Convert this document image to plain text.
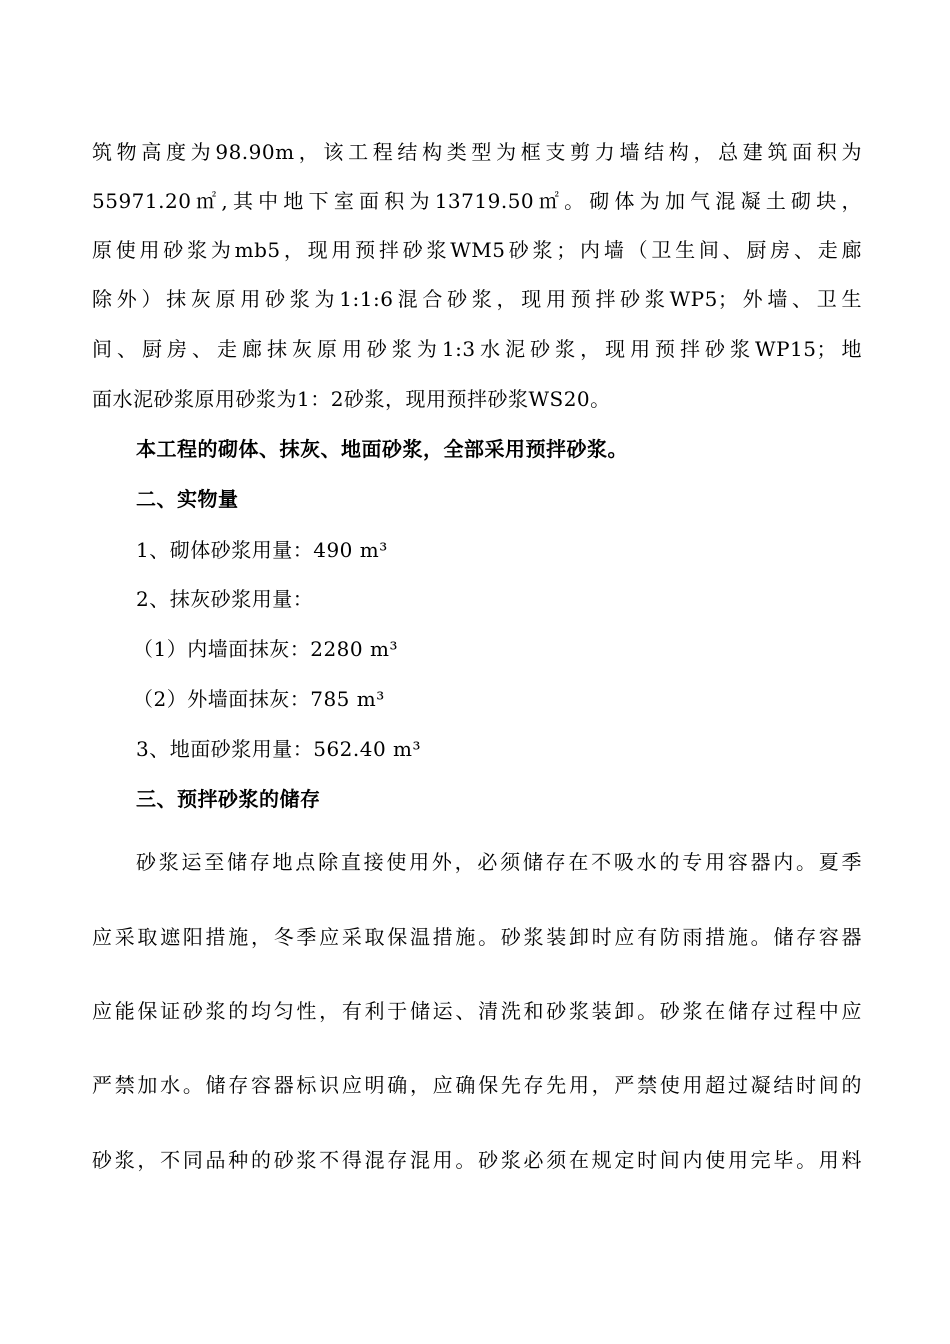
筑物高度为98.90m，该工程结构类型为框支剪力墙结构，总建筑面积为
55971.20㎡,其中地下室面积为13719.50㎡。砌体为加气混凝土砌块，
原使用砂浆为mb5，现用预拌砂浆WM5砂浆；内墙（卫生间、厨房、走廊
除外）抹灰原用砂浆为1:1:6混合砂浆，现用预拌砂浆WP5；外墙、卫生
间、厨房、走廊抹灰原用砂浆为1:3水泥砂浆，现用预拌砂浆WP15；地
面水泥砂浆原用砂浆为1：2砂浆，现用预拌砂浆WS20。
本工程的砌体、抹灰、地面砂浆，全部采用预拌砂浆。
二、实物量
1、砌体砂浆用量：490 m³
2、抹灰砂浆用量：
（1）内墙面抹灰：2280 m³
（2）外墙面抹灰：785 m³
3、地面砂浆用量：562.40 m³
三、预拌砂浆的储存
砂浆运至储存地点除直接使用外，必须储存在不吸水的专用容器内。夏季
应采取遮阳措施，冬季应采取保温措施。砂浆装卸时应有防雨措施。储存容器
应能保证砂浆的均匀性，有利于储运、清洗和砂浆装卸。砂浆在储存过程中应
严禁加水。储存容器标识应明确，应确保先存先用，严禁使用超过凝结时间的
砂浆，不同品种的砂浆不得混存混用。砂浆必须在规定时间内使用完毕。用料
